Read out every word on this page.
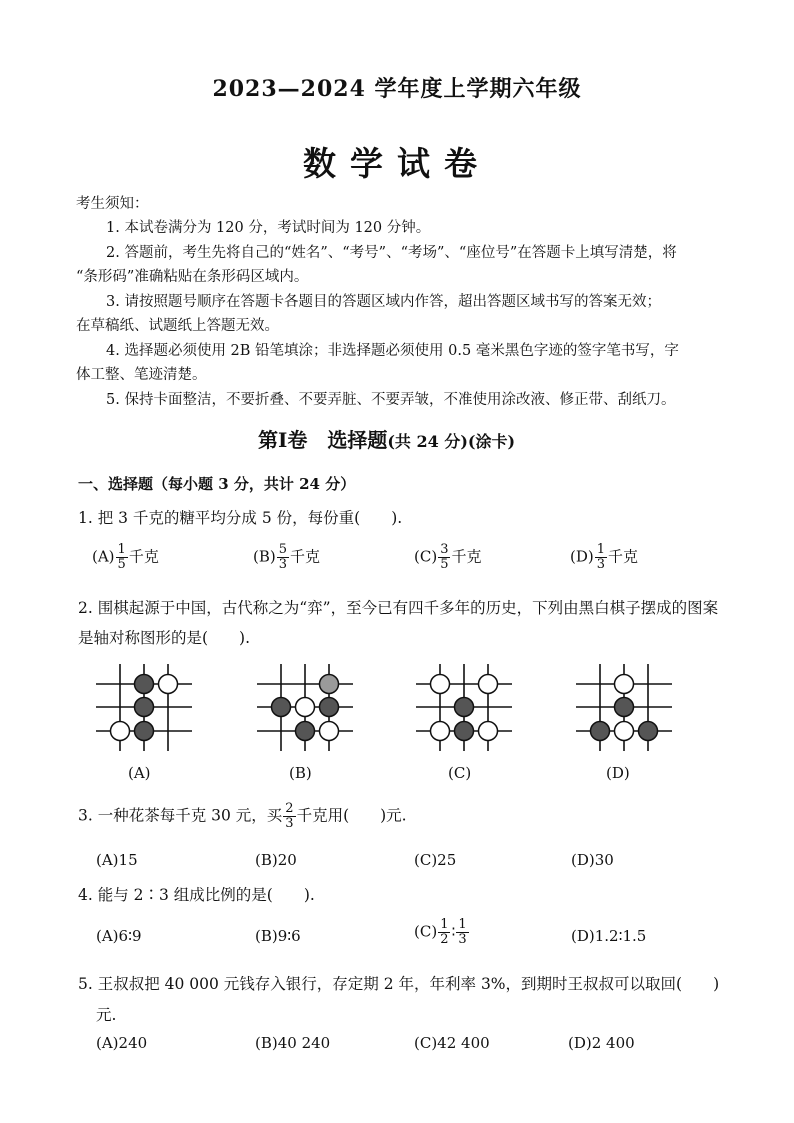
2023—2024 学年度上学期六年级
数学试卷
考生须知：
1. 本试卷满分为 120 分，考试时间为 120 分钟。
2. 答题前，考生先将自己的“姓名”、“考号”、“考场”、“座位号”在答题卡上填写清楚，将
“条形码”准确粘贴在条形码区域内。
3. 请按照题号顺序在答题卡各题目的答题区域内作答，超出答题区域书写的答案无效；
在草稿纸、试题纸上答题无效。
4. 选择题必须使用 2B 铅笔填涂；非选择题必须使用 0.5 毫米黑色字迹的签字笔书写，字
体工整、笔迹清楚。
5. 保持卡面整洁，不要折叠、不要弄脏、不要弄皱，不准使用涂改液、修正带、刮纸刀。
第Ⅰ卷　选择题(共 24 分)(涂卡)
一、选择题（每小题 3 分，共计 24 分）
1. 把 3 千克的糖平均分成 5 份，每份重(　　).
$(A) \frac{1}{5}$ 千克	$(B) \frac{5}{3}$ 千克	$(C) \frac{3}{5}$ 千克	$(D) \frac{1}{3}$ 千克
2. 围棋起源于中国，古代称之为“弈”，至今已有四千多年的历史，下列由黑白棋子摆成的图案
是轴对称图形的是(　　).
(A)	(B)	(C)	(D)
3. 一种花茶每千克 30 元，买 $\frac{2}{3}$ 千克用(　　)元.
(A)15	(B)20	(C)25	(D)30
4. 能与 2∶3 组成比例的是(　　).
(A)6∶9	(B)9∶6	$(C) \frac{1}{2}$ ∶ $\frac{1}{3}$	(D)1.2∶1.5
5. 王叔叔把 40 000 元钱存入银行，存定期 2 年，年利率 3%，到期时王叔叔可以取回(　　)
元.
(A)240	(B)40 240	(C)42 400	(D)2 400
